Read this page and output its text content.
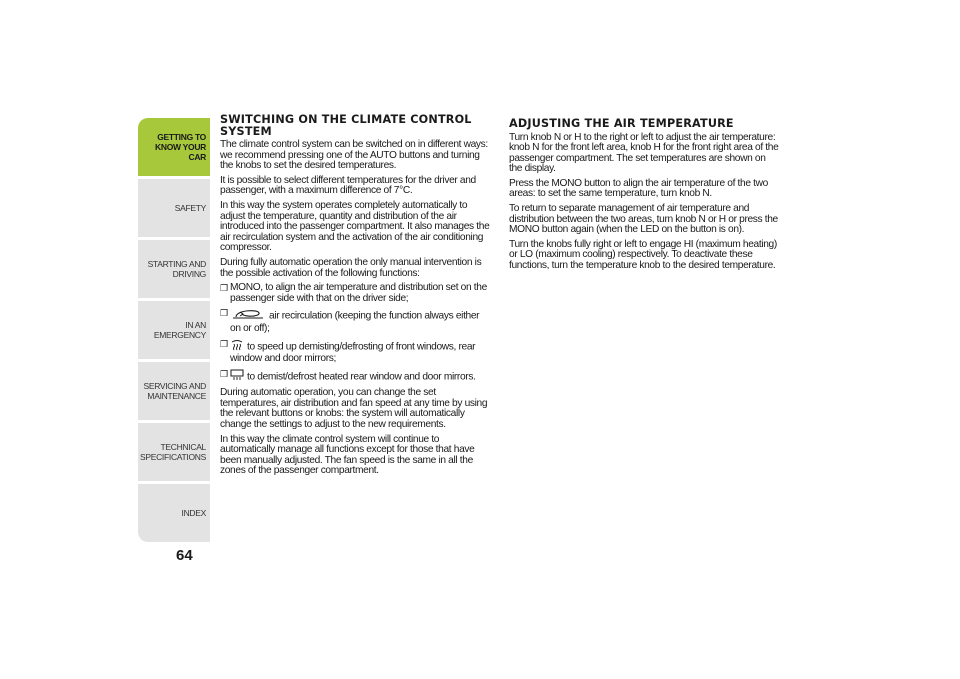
GETTING TO
KNOW YOUR CAR
SAFETY
STARTING AND
DRIVING
IN AN EMERGENCY
SERVICING AND
MAINTENANCE
TECHNICAL
SPECIFICATIONS
INDEX
64
SWITCHING ON THE CLIMATE CONTROL SYSTEM

The climate control system can be switched on in different ways: we recommend pressing one of the AUTO buttons and turning the knobs to set the desired temperatures.

It is possible to select different temperatures for the driver and passenger, with a maximum difference of 7°C.

In this way the system operates completely automatically to adjust the temperature, quantity and distribution of the air introduced into the passenger compartment. It also manages the air recirculation system and the activation of the air conditioning compressor.

During fully automatic operation the only manual intervention is the possible activation of the following functions:

❒ MONO, to align the air temperature and distribution set on the passenger side with that on the driver side;
❒	air recirculation (keeping the function always either on or off);
❒	to speed up demisting/defrosting of front windows, rear window and door mirrors;
❒	to demist/defrost heated rear window and door mirrors.

During automatic operation, you can change the set temperatures, air distribution and fan speed at any time by using the relevant buttons or knobs: the system will automatically change the settings to adjust to the new requirements.

In this way the climate control system will continue to automatically manage all functions except for those that have been manually adjusted. The fan speed is the same in all the zones of the passenger compartment.

ADJUSTING THE AIR TEMPERATURE

Turn knob N or H to the right or left to adjust the air temperature: knob N for the front left area, knob H for the front right area of the passenger compartment. The set temperatures are shown on the display.

Press the MONO button to align the air temperature of the two areas: to set the same temperature, turn knob N.

To return to separate management of air temperature and distribution between the two areas, turn knob N or H or press the MONO button again (when the LED on the button is on).

Turn the knobs fully right or left to engage HI (maximum heating) or LO (maximum cooling) respectively. To deactivate these functions, turn the temperature knob to the desired temperature.
